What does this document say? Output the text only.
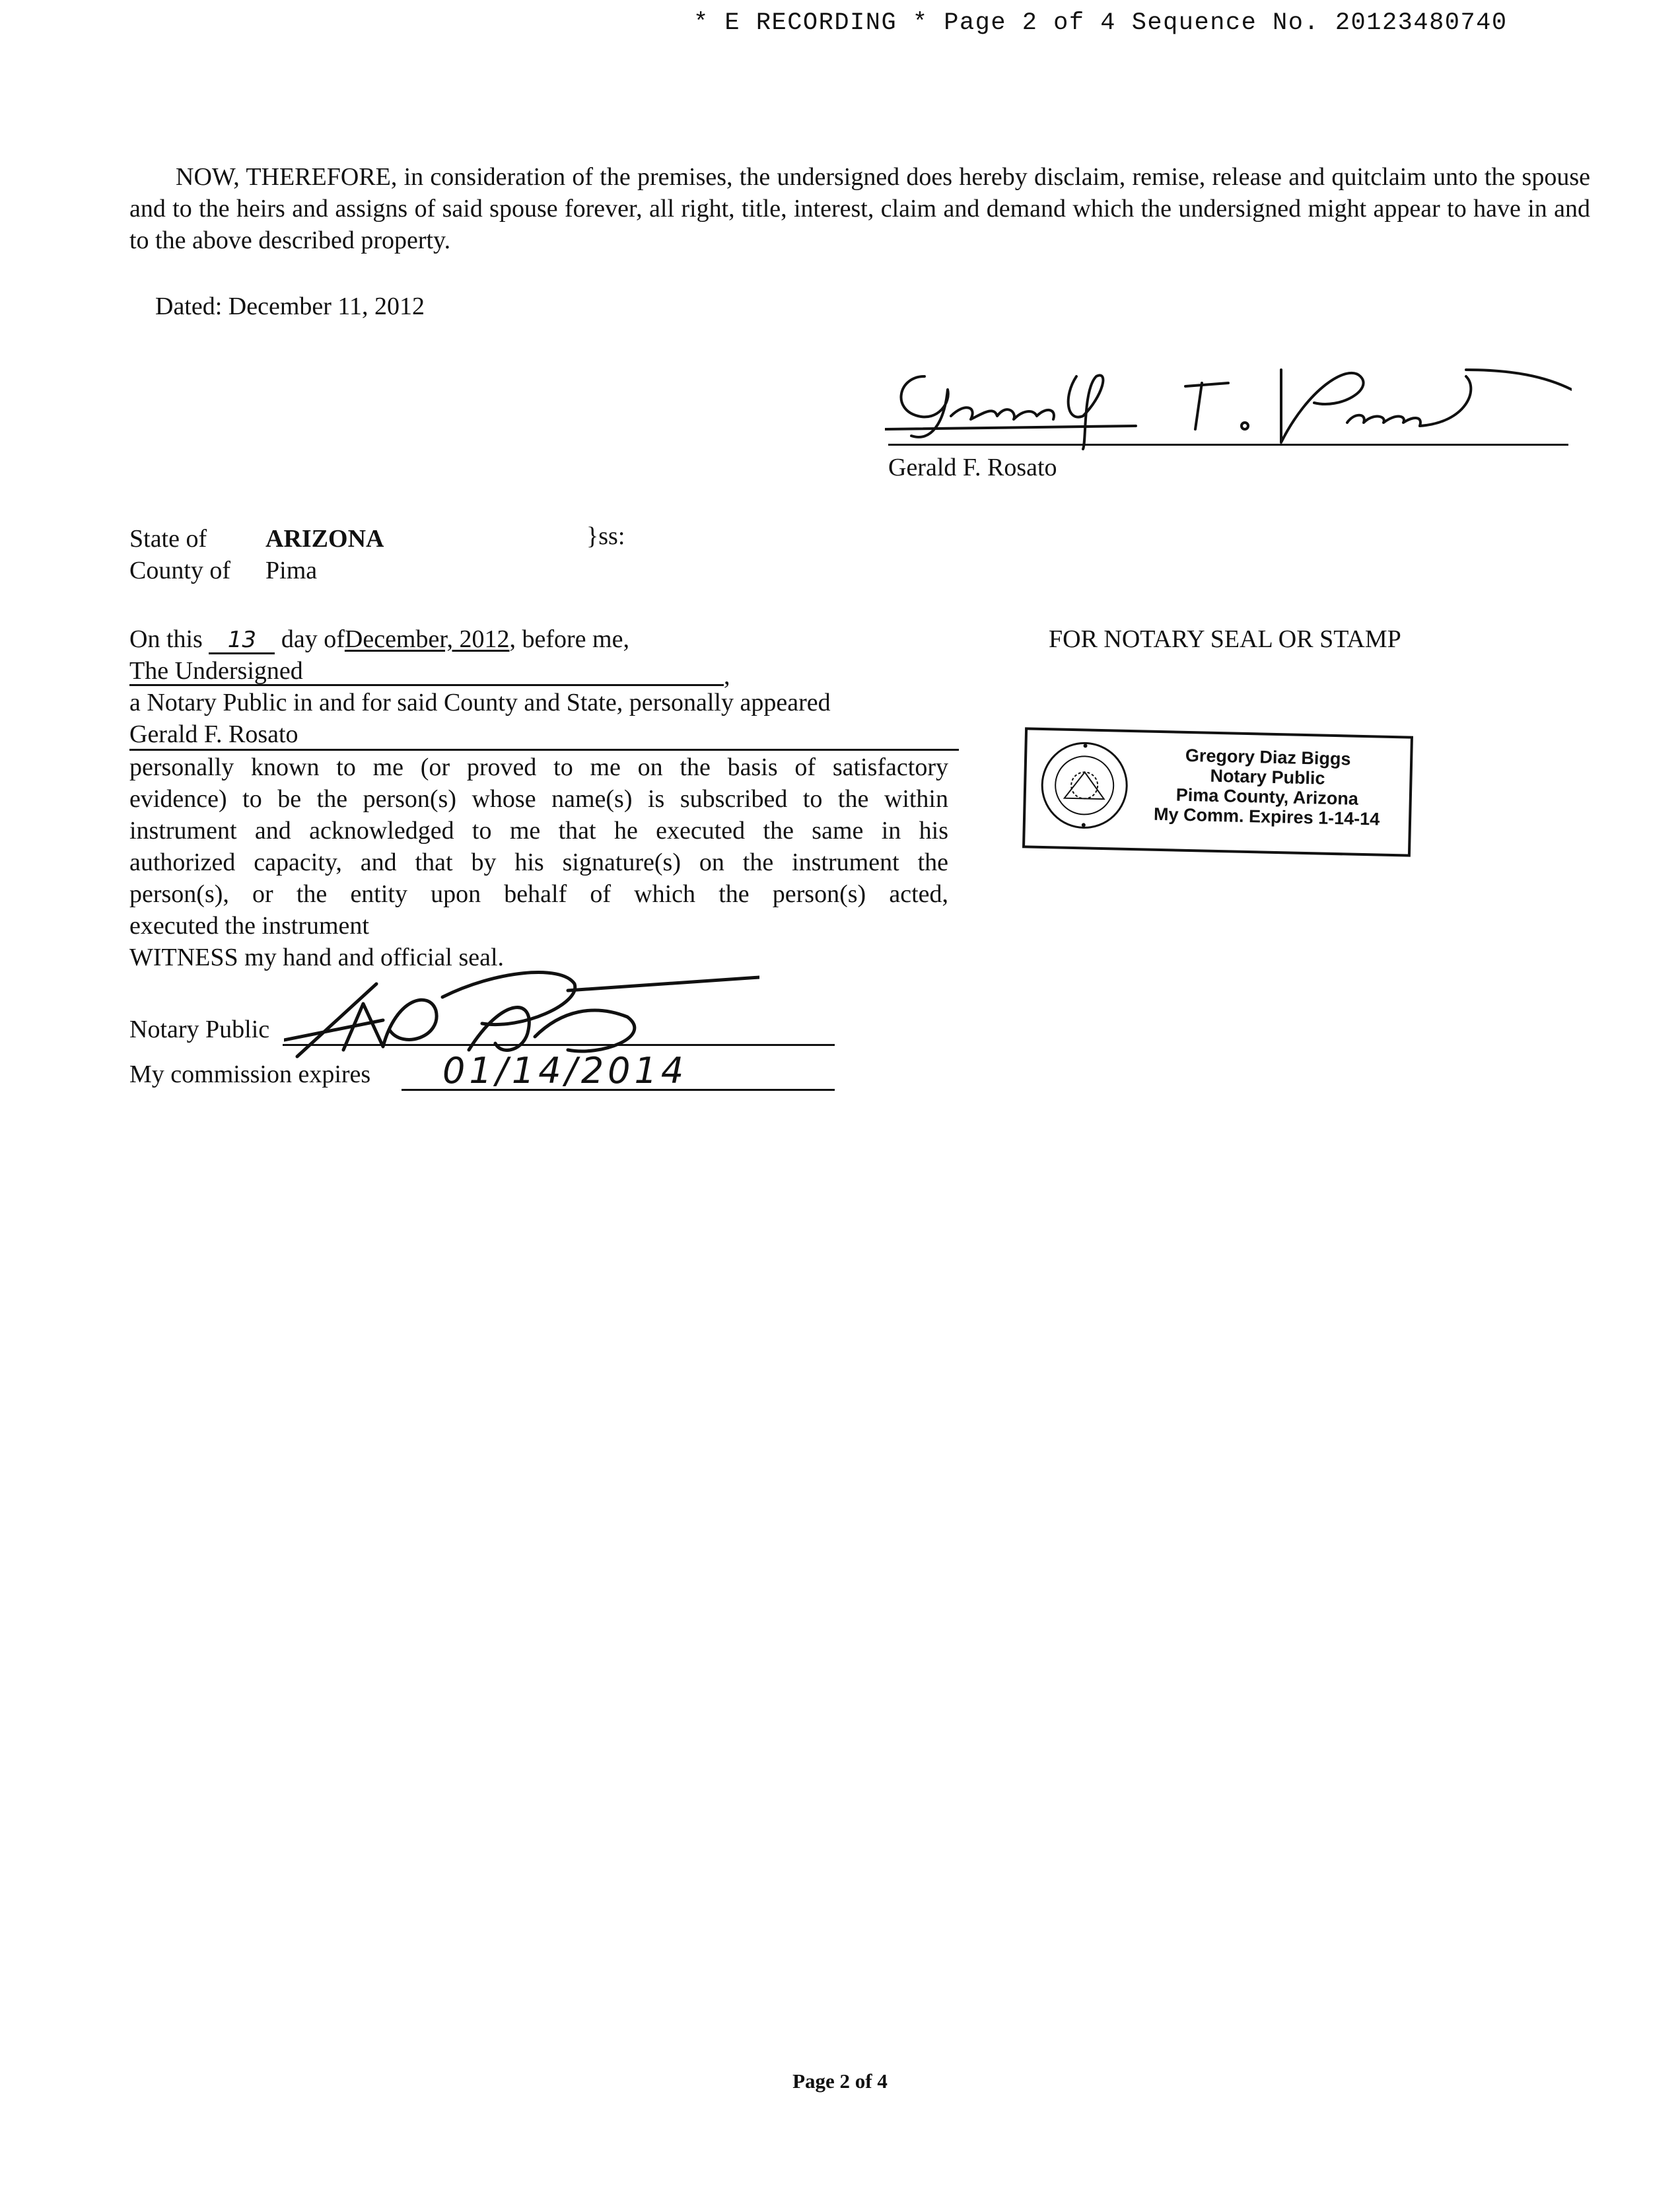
* E RECORDING * Page 2 of 4 Sequence No. 20123480740
NOW, THEREFORE, in consideration of the premises, the undersigned does hereby disclaim, remise, release and quitclaim unto the spouse and to the heirs and assigns of said spouse forever, all right, title, interest, claim and demand which the undersigned might appear to have in and to the above described property.
Dated: December 11, 2012
Gerald F. Rosato
State of ARIZONA	}ss:
County of Pima
On this 13 day ofDecember, 2012, before me,
The Undersigned	,
a Notary Public in and for said County and State, personally appeared
Gerald F. Rosato
personally known to me (or proved to me on the basis of satisfactory
evidence) to be the person(s) whose name(s) is subscribed to the within
instrument and acknowledged to me that he executed the same in his
authorized capacity, and that by his signature(s) on the instrument the
person(s), or the entity upon behalf of which the person(s) acted,
executed the instrument
WITNESS my hand and official seal.
Notary Public
My commission expires 01/14/2014
FOR NOTARY SEAL OR STAMP
Gregory Diaz Biggs
Notary Public
Pima County, Arizona
My Comm. Expires 1-14-14
Page 2 of 4
